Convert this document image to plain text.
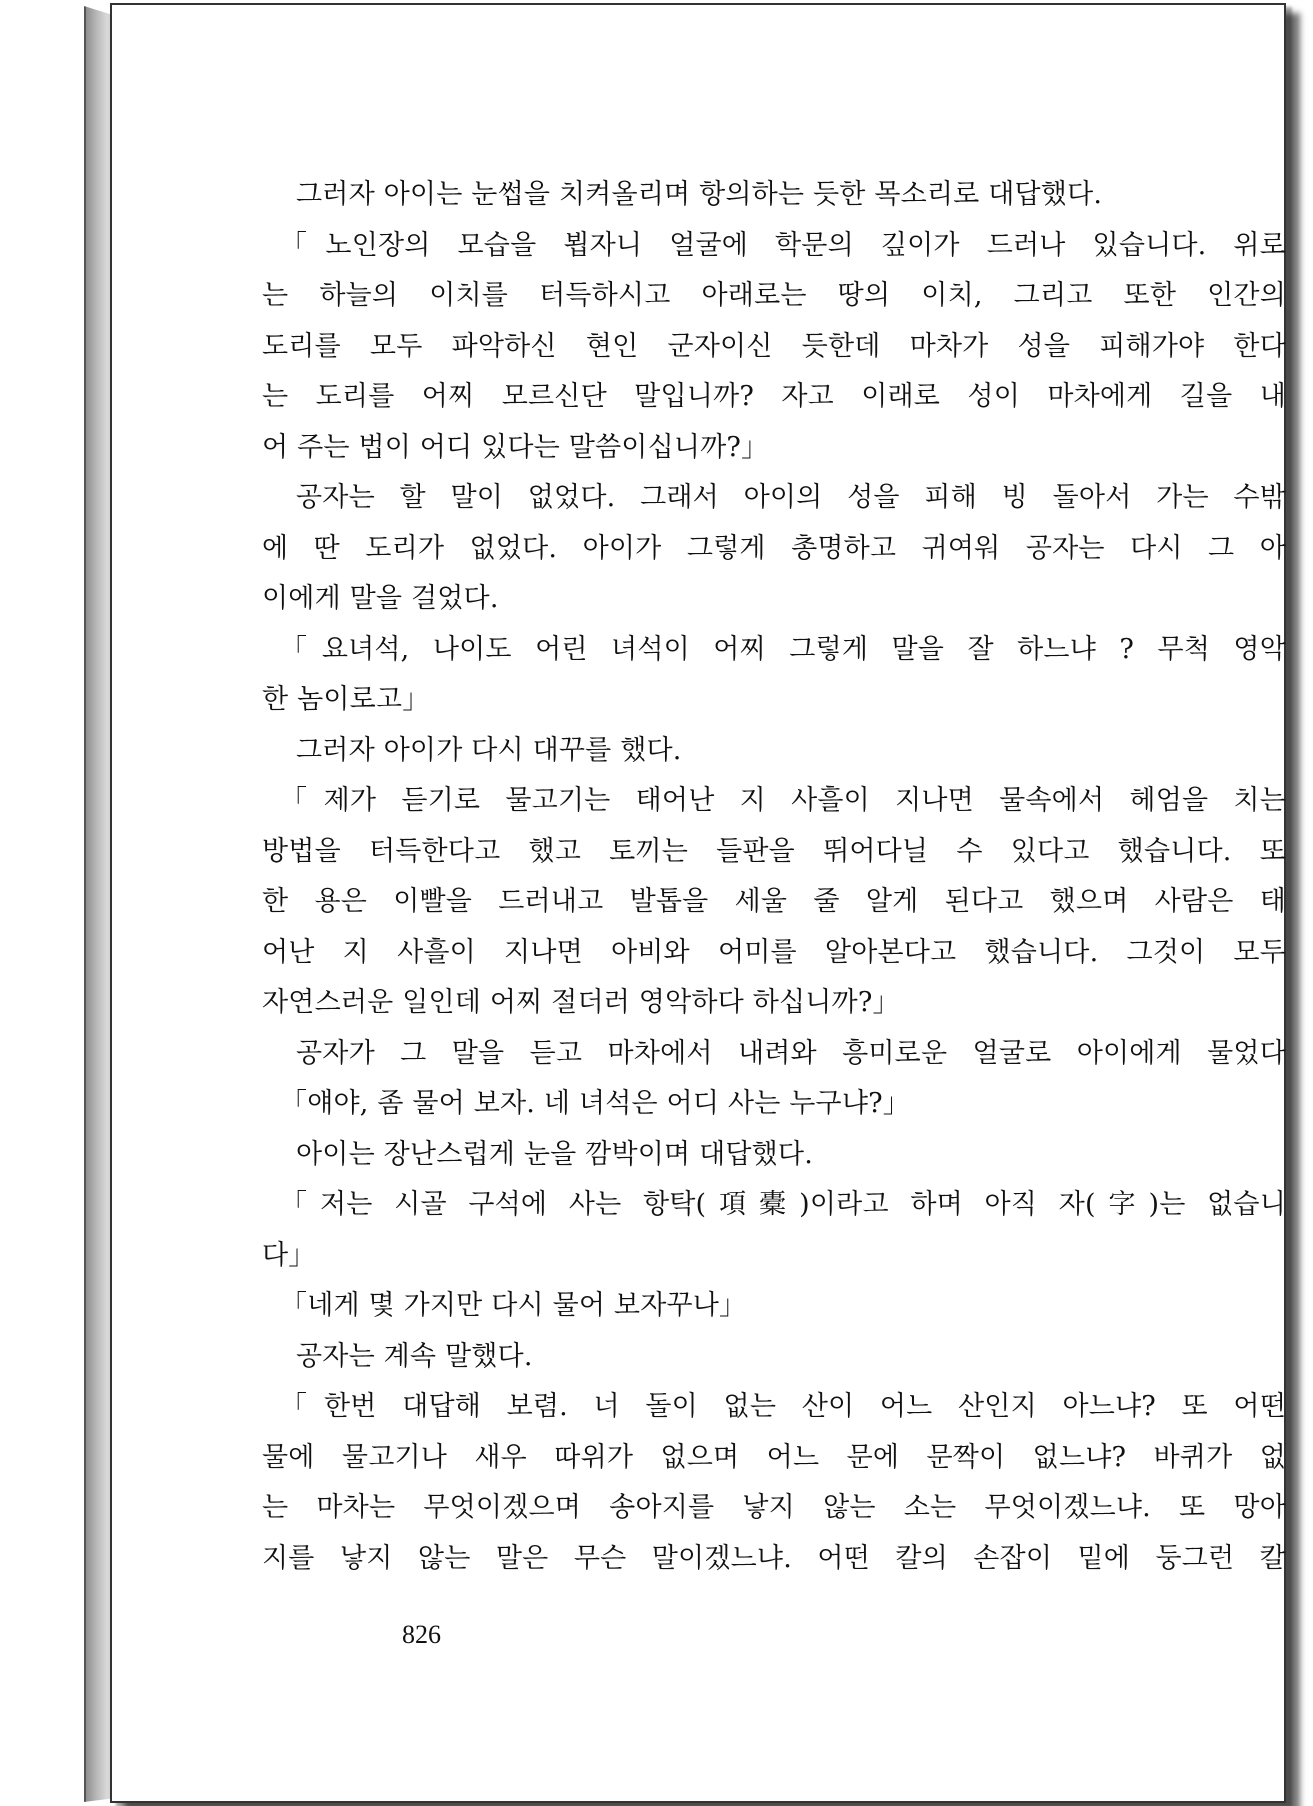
그러자 아이는 눈썹을 치켜올리며 항의하는 듯한 목소리로 대답했다.
「노인장의 모습을 뵙자니 얼굴에 학문의 깊이가 드러나 있습니다. 위로
는 하늘의 이치를 터득하시고 아래로는 땅의 이치, 그리고 또한 인간의
도리를 모두 파악하신 현인 군자이신 듯한데 마차가 성을 피해가야 한다
는 도리를 어찌 모르신단 말입니까? 자고 이래로 성이 마차에게 길을 내
어 주는 법이 어디 있다는 말씀이십니까?」
공자는 할 말이 없었다. 그래서 아이의 성을 피해 빙 돌아서 가는 수밖
에 딴 도리가 없었다. 아이가 그렇게 총명하고 귀여워 공자는 다시 그 아
이에게 말을 걸었다.
「요녀석, 나이도 어린 녀석이 어찌 그렇게 말을 잘 하느냐 ? 무척 영악
한 놈이로고」
그러자 아이가 다시 대꾸를 했다.
「제가 듣기로 물고기는 태어난 지 사흘이 지나면 물속에서 헤엄을 치는
방법을 터득한다고 했고 토끼는 들판을 뛰어다닐 수 있다고 했습니다. 또
한 용은 이빨을 드러내고 발톱을 세울 줄 알게 된다고 했으며 사람은 태
어난 지 사흘이 지나면 아비와 어미를 알아본다고 했습니다. 그것이 모두
자연스러운 일인데 어찌 절더러 영악하다 하십니까?」
공자가 그 말을 듣고 마차에서 내려와 흥미로운 얼굴로 아이에게 물었다
「얘야, 좀 물어 보자. 네 녀석은 어디 사는 누구냐?」
아이는 장난스럽게 눈을 깜박이며 대답했다.
「저는 시골 구석에 사는 항탁(項橐)이라고 하며 아직 자(字)는 없습니
다」
「네게 몇 가지만 다시 물어 보자꾸나」
공자는 계속 말했다.
「한번 대답해 보렴. 너 돌이 없는 산이 어느 산인지 아느냐? 또 어떤
물에 물고기나 새우 따위가 없으며 어느 문에 문짝이 없느냐? 바퀴가 없
는 마차는 무엇이겠으며 송아지를 낳지 않는 소는 무엇이겠느냐. 또 망아
지를 낳지 않는 말은 무슨 말이겠느냐. 어떤 칼의 손잡이 밑에 둥그런 칼
826
